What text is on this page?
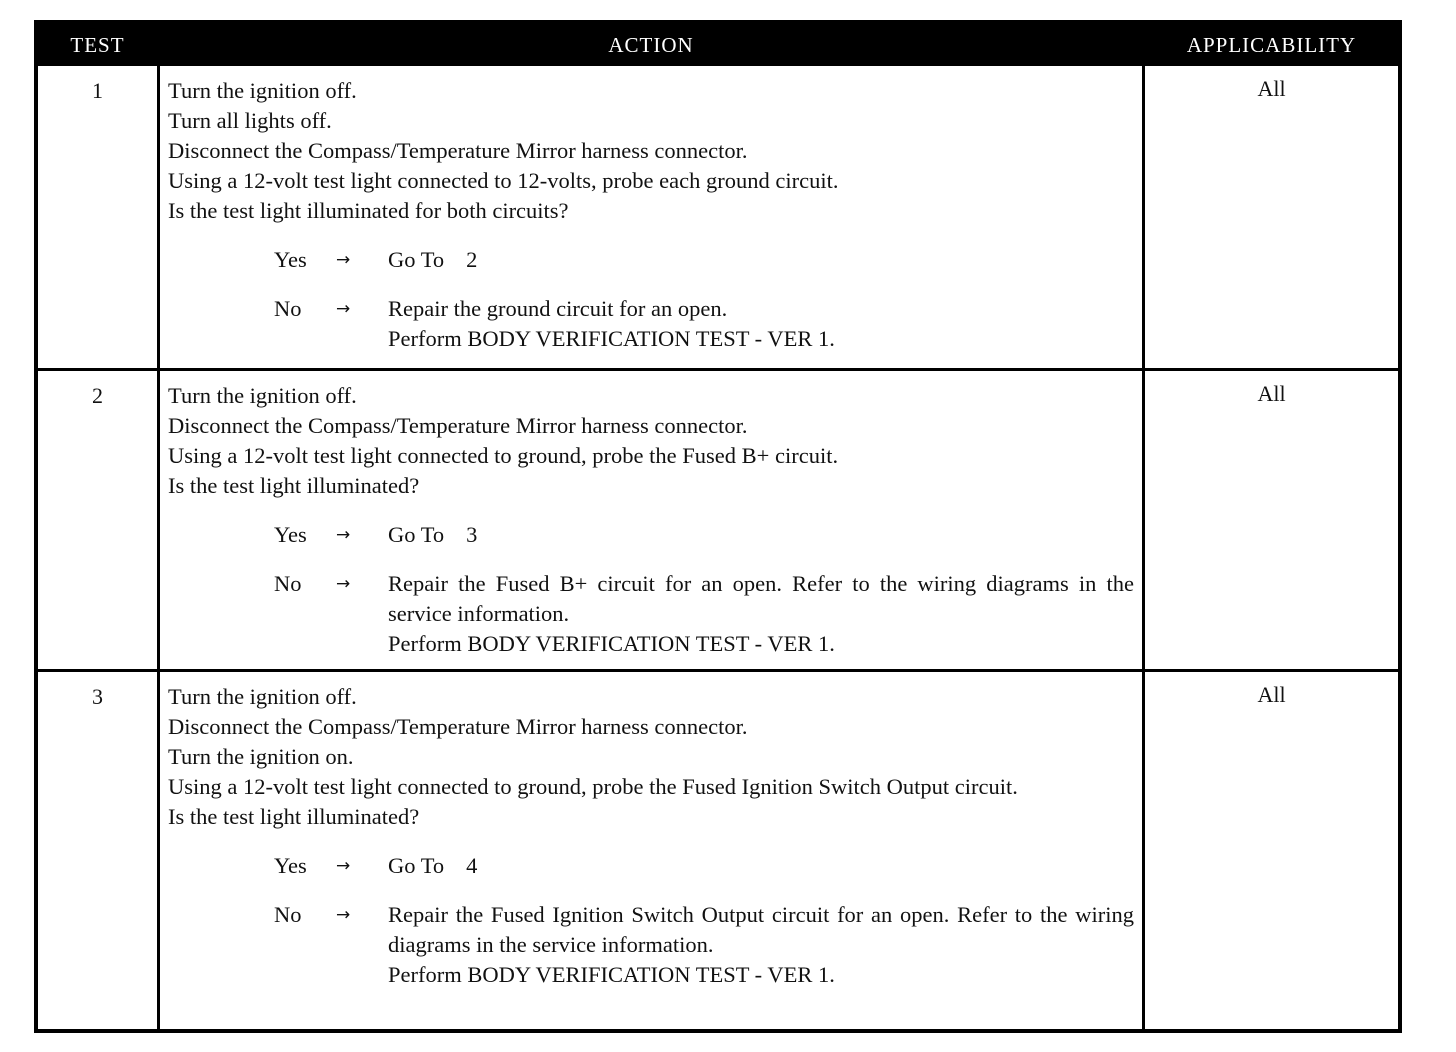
TEST	ACTION	APPLICABILITY
1	Turn the ignition off.
Turn all lights off.
Disconnect the Compass/Temperature Mirror harness connector.
Using a 12-volt test light connected to 12-volts, probe each ground circuit.
Is the test light illuminated for both circuits?
Yes	→	Go To 2
No	→	Repair the ground circuit for an open.
Perform BODY VERIFICATION TEST - VER 1.
All
2	Turn the ignition off.
Disconnect the Compass/Temperature Mirror harness connector.
Using a 12-volt test light connected to ground, probe the Fused B+ circuit.
Is the test light illuminated?
Yes	→	Go To 3
No	→	Repair the Fused B+ circuit for an open. Refer to the wiring diagrams in the service information.
Perform BODY VERIFICATION TEST - VER 1.
All
3	Turn the ignition off.
Disconnect the Compass/Temperature Mirror harness connector.
Turn the ignition on.
Using a 12-volt test light connected to ground, probe the Fused Ignition Switch Output circuit.
Is the test light illuminated?
Yes	→	Go To 4
No	→	Repair the Fused Ignition Switch Output circuit for an open. Refer to the wiring diagrams in the service information.
Perform BODY VERIFICATION TEST - VER 1.
All
